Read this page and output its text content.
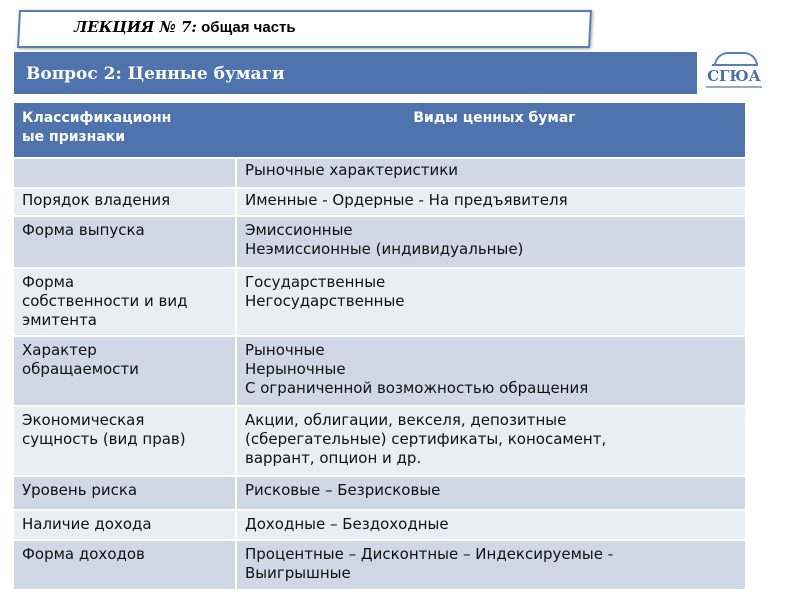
ЛЕКЦИЯ № 7: общая часть
Вопрос 2: Ценные бумаги	СГЮА
Классификационн
ые признаки	Виды ценных бумаг
	Рыночные характеристики
Порядок владения	Именные - Ордерные - На предъявителя
Форма выпуска	Эмиссионные
Неэмиссионные (индивидуальные)
Форма
собственности и вид
эмитента	Государственные
Негосударственные
Характер
обращаемости	Рыночные
Нерыночные
С ограниченной возможностью обращения
Экономическая
сущность (вид прав)	Акции, облигации, векселя, депозитные
(сберегательные) сертификаты, коносамент,
варрант, опцион и др.
Уровень риска	Рисковые – Безрисковые
Наличие дохода	Доходные – Бездоходные
Форма доходов	Процентные – Дисконтные – Индексируемые -
Выигрышные
